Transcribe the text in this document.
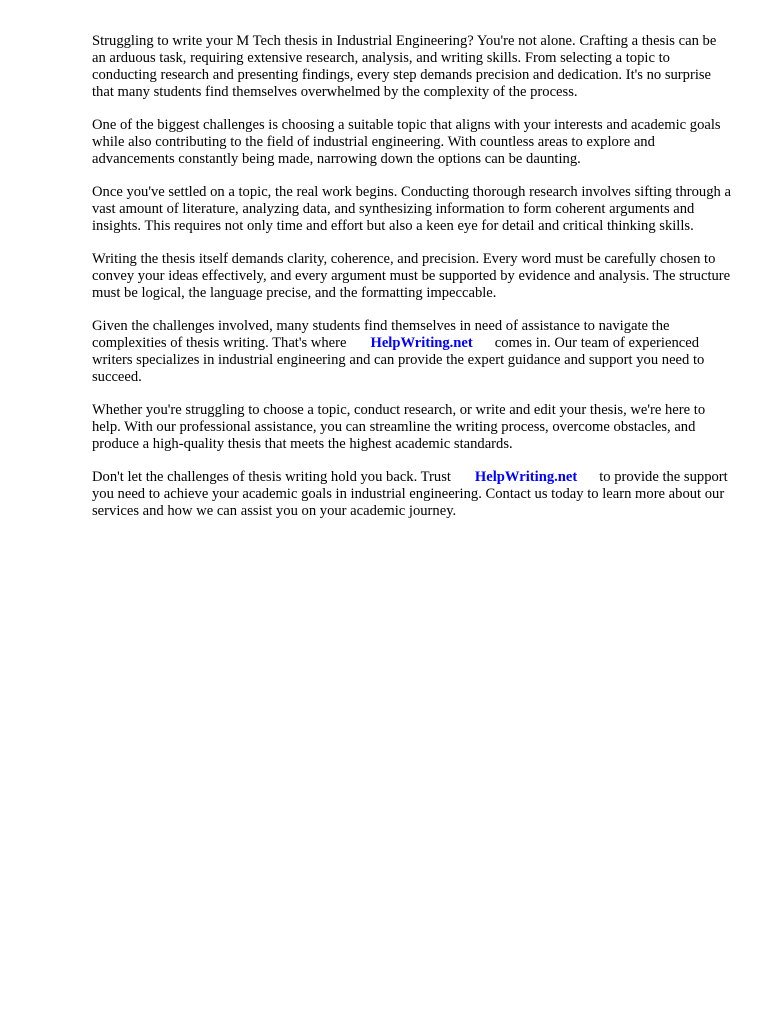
Struggling to write your M Tech thesis in Industrial Engineering? You're not alone. Crafting a thesis can be an arduous task, requiring extensive research, analysis, and writing skills. From selecting a topic to conducting research and presenting findings, every step demands precision and dedication. It's no surprise that many students find themselves overwhelmed by the complexity of the process.

One of the biggest challenges is choosing a suitable topic that aligns with your interests and academic goals while also contributing to the field of industrial engineering. With countless areas to explore and advancements constantly being made, narrowing down the options can be daunting.

Once you've settled on a topic, the real work begins. Conducting thorough research involves sifting through a vast amount of literature, analyzing data, and synthesizing information to form coherent arguments and insights. This requires not only time and effort but also a keen eye for detail and critical thinking skills.

Writing the thesis itself demands clarity, coherence, and precision. Every word must be carefully chosen to convey your ideas effectively, and every argument must be supported by evidence and analysis. The structure must be logical, the language precise, and the formatting impeccable.

Given the challenges involved, many students find themselves in need of assistance to navigate the complexities of thesis writing. That's where HelpWriting.net comes in. Our team of experienced writers specializes in industrial engineering and can provide the expert guidance and support you need to succeed.

Whether you're struggling to choose a topic, conduct research, or write and edit your thesis, we're here to help. With our professional assistance, you can streamline the writing process, overcome obstacles, and produce a high-quality thesis that meets the highest academic standards.

Don't let the challenges of thesis writing hold you back. Trust HelpWriting.net to provide the support you need to achieve your academic goals in industrial engineering. Contact us today to learn more about our services and how we can assist you on your academic journey.
